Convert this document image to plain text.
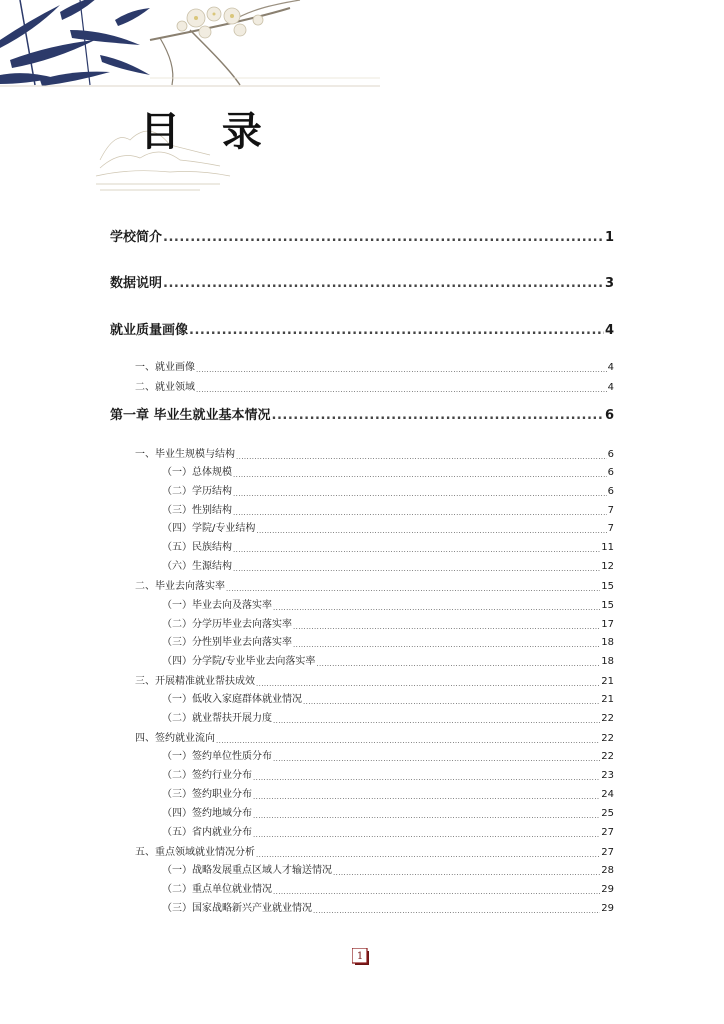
目 录
学校简介 .....	1
数据说明 .....	3
就业质量画像 .....	4
一、就业画像 .....	4
二、就业领域 .....	4
第一章 毕业生就业基本情况 .....	6
一、毕业生规模与结构 .....	6
（一）总体规模 .....	6
（二）学历结构 .....	6
（三）性别结构 .....	7
（四）学院/专业结构 .....	7
（五）民族结构 .....	11
（六）生源结构 .....	12
二、毕业去向落实率 .....	15
（一）毕业去向及落实率 .....	15
（二）分学历毕业去向落实率 .....	17
（三）分性别毕业去向落实率 .....	18
（四）分学院/专业毕业去向落实率 .....	18
三、开展精准就业帮扶成效 .....	21
（一）低收入家庭群体就业情况 .....	21
（二）就业帮扶开展力度 .....	22
四、签约就业流向 .....	22
（一）签约单位性质分布 .....	22
（二）签约行业分布 .....	23
（三）签约职业分布 .....	24
（四）签约地域分布 .....	25
（五）省内就业分布 .....	27
五、重点领域就业情况分析 .....	27
（一）战略发展重点区域人才输送情况 .....	28
（二）重点单位就业情况 .....	29
（三）国家战略新兴产业就业情况 .....	29
1
